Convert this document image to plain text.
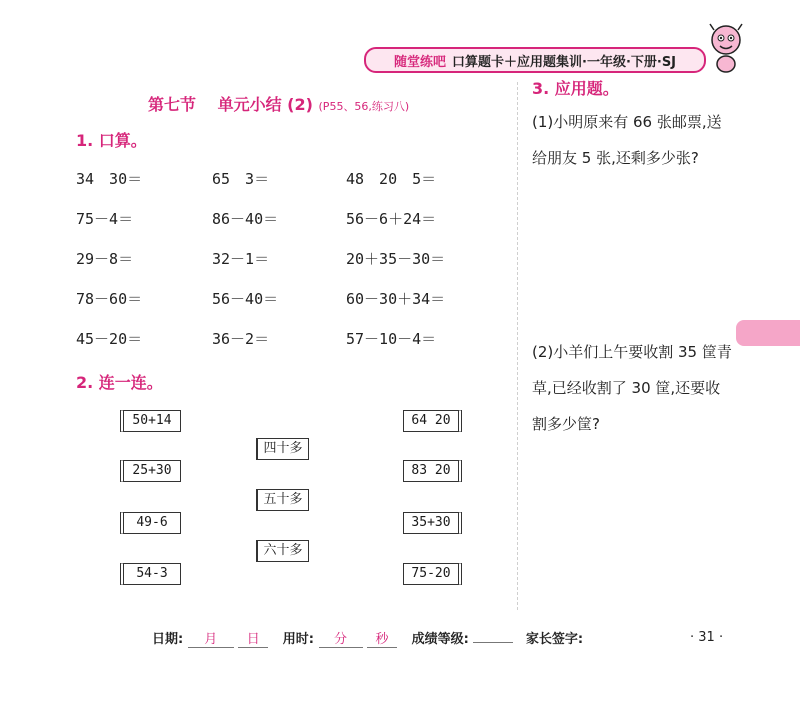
随堂练吧 口算题卡＋应用题集训·一年级·下册·SJ
第七节 单元小结 (2) (P55、56,练习八)
1. 口算。
34　30＝	65　3＝	48　20　5＝
75－4＝	86－40＝	56－6＋24＝
29－8＝	32－1＝	20＋35－30＝
78－60＝	56－40＝	60－30＋34＝
45－20＝	36－2＝	57－10－4＝
2. 连一连。
50+14
25+30
49-6
54-3
四十多
五十多
六十多
64 20
83 20
35+30
75-20
3. 应用题。
(1)小明原来有 66 张邮票,送给朋友 5 张,还剩多少张?
(2)小羊们上午要收割 35 筐青草,已经收割了 30 筐,还要收割多少筐?
日期: 月 日 用时: 分 秒 成绩等级:	家长签字:	· 31 ·
